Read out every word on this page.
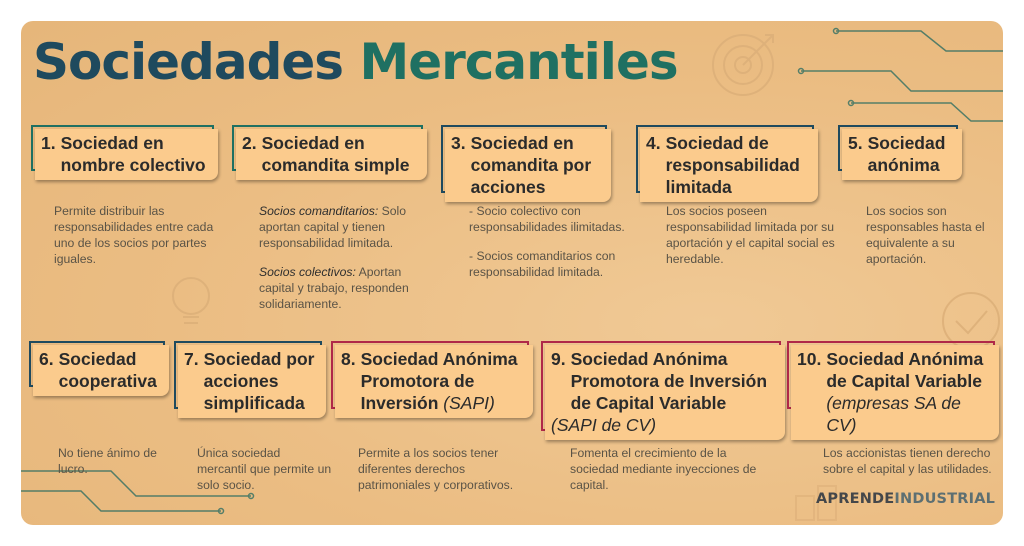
Sociedades Mercantiles
1. Sociedad en
nombre colectivo

Permite distribuir las responsabilidades entre cada uno de los socios por partes iguales.

2. Sociedad en
comandita simple

Socios comanditarios: Solo aportan capital y tienen responsabilidad limitada.

Socios colectivos: Aportan capital y trabajo, responden solidariamente.

3. Sociedad en
comandita por
acciones

- Socio colectivo con responsabilidades ilimitadas.

- Socios comanditarios con responsabilidad limitada.

4. Sociedad de
responsabilidad
limitada

Los socios poseen responsabilidad limitada por su aportación y el capital social es heredable.

5. Sociedad
anónima

Los socios son responsables hasta el equivalente a su aportación.

6. Sociedad
cooperativa

No tiene ánimo de lucro.

7. Sociedad por
acciones
simplificada

Única sociedad mercantil que permite un solo socio.

8. Sociedad Anónima
Promotora de
Inversión (SAPI)

Permite a los socios tener diferentes derechos patrimoniales y corporativos.

9. Sociedad Anónima
Promotora de Inversión
de Capital Variable
(SAPI de CV)

Fomenta el crecimiento de la sociedad mediante inyecciones de capital.

10. Sociedad Anónima
de Capital Variable
(empresas SA de CV)

Los accionistas tienen derecho sobre el capital y las utilidades.

APRENDEINDUSTRIAL
